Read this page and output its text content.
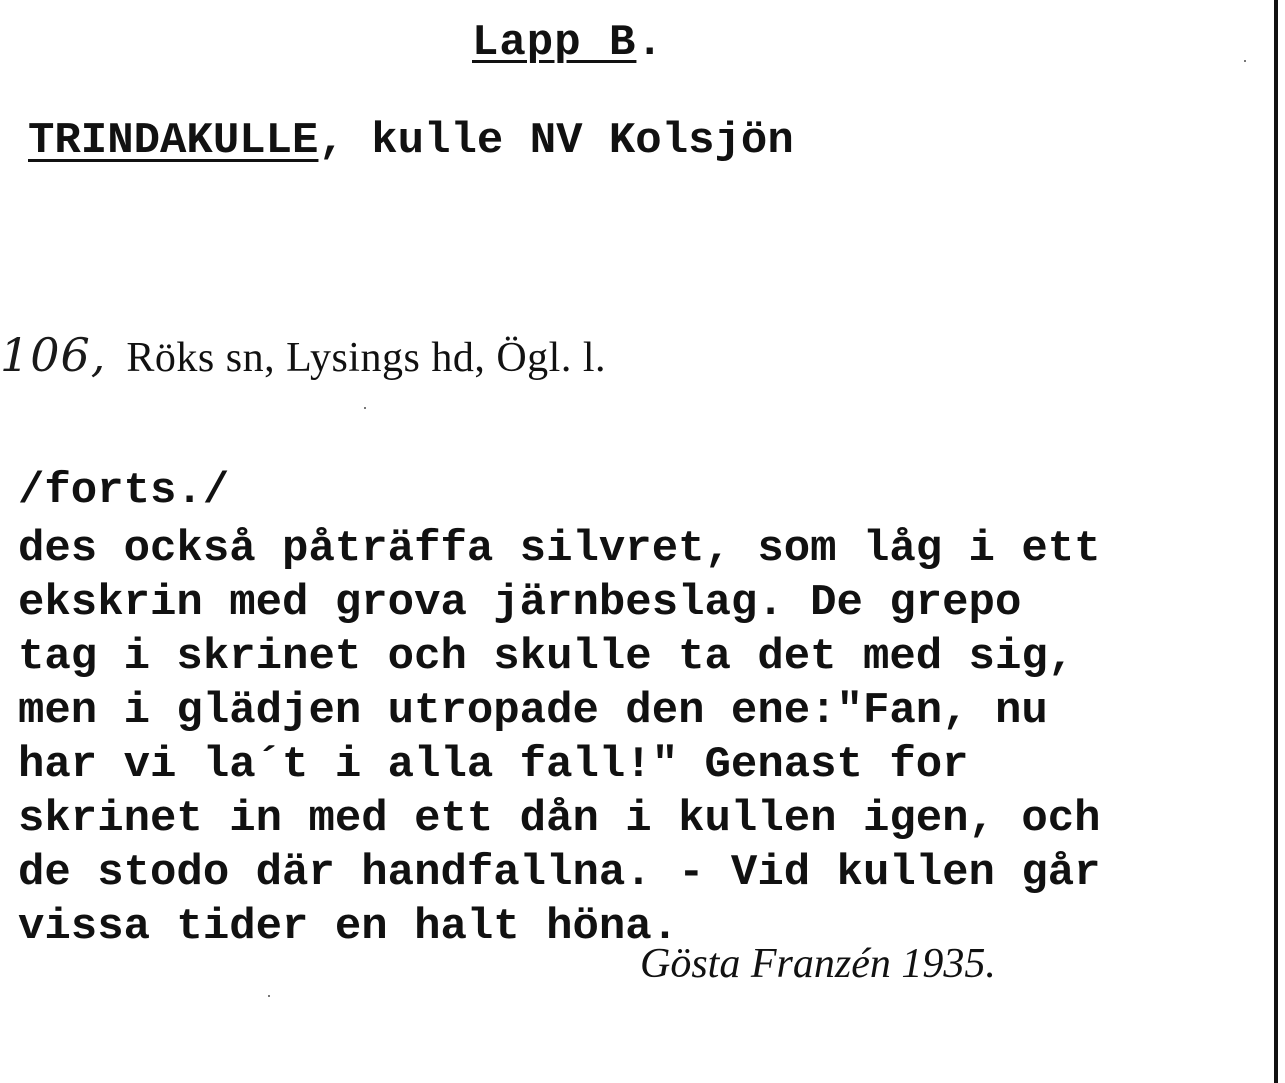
Lapp B.
TRINDAKULLE, kulle NV Kolsjön
106, Röks sn, Lysings hd, Ögl. l.
/forts./
des också påträffa silvret, som låg i ett
ekskrin med grova järnbeslag. De grepo
tag i skrinet och skulle ta det med sig,
men i glädjen utropade den ene:"Fan, nu
har vi la´t i alla fall!" Genast for
skrinet in med ett dån i kullen igen, och
de stodo där handfallna. - Vid kullen går
vissa tider en halt höna.
Gösta Franzén 1935.
